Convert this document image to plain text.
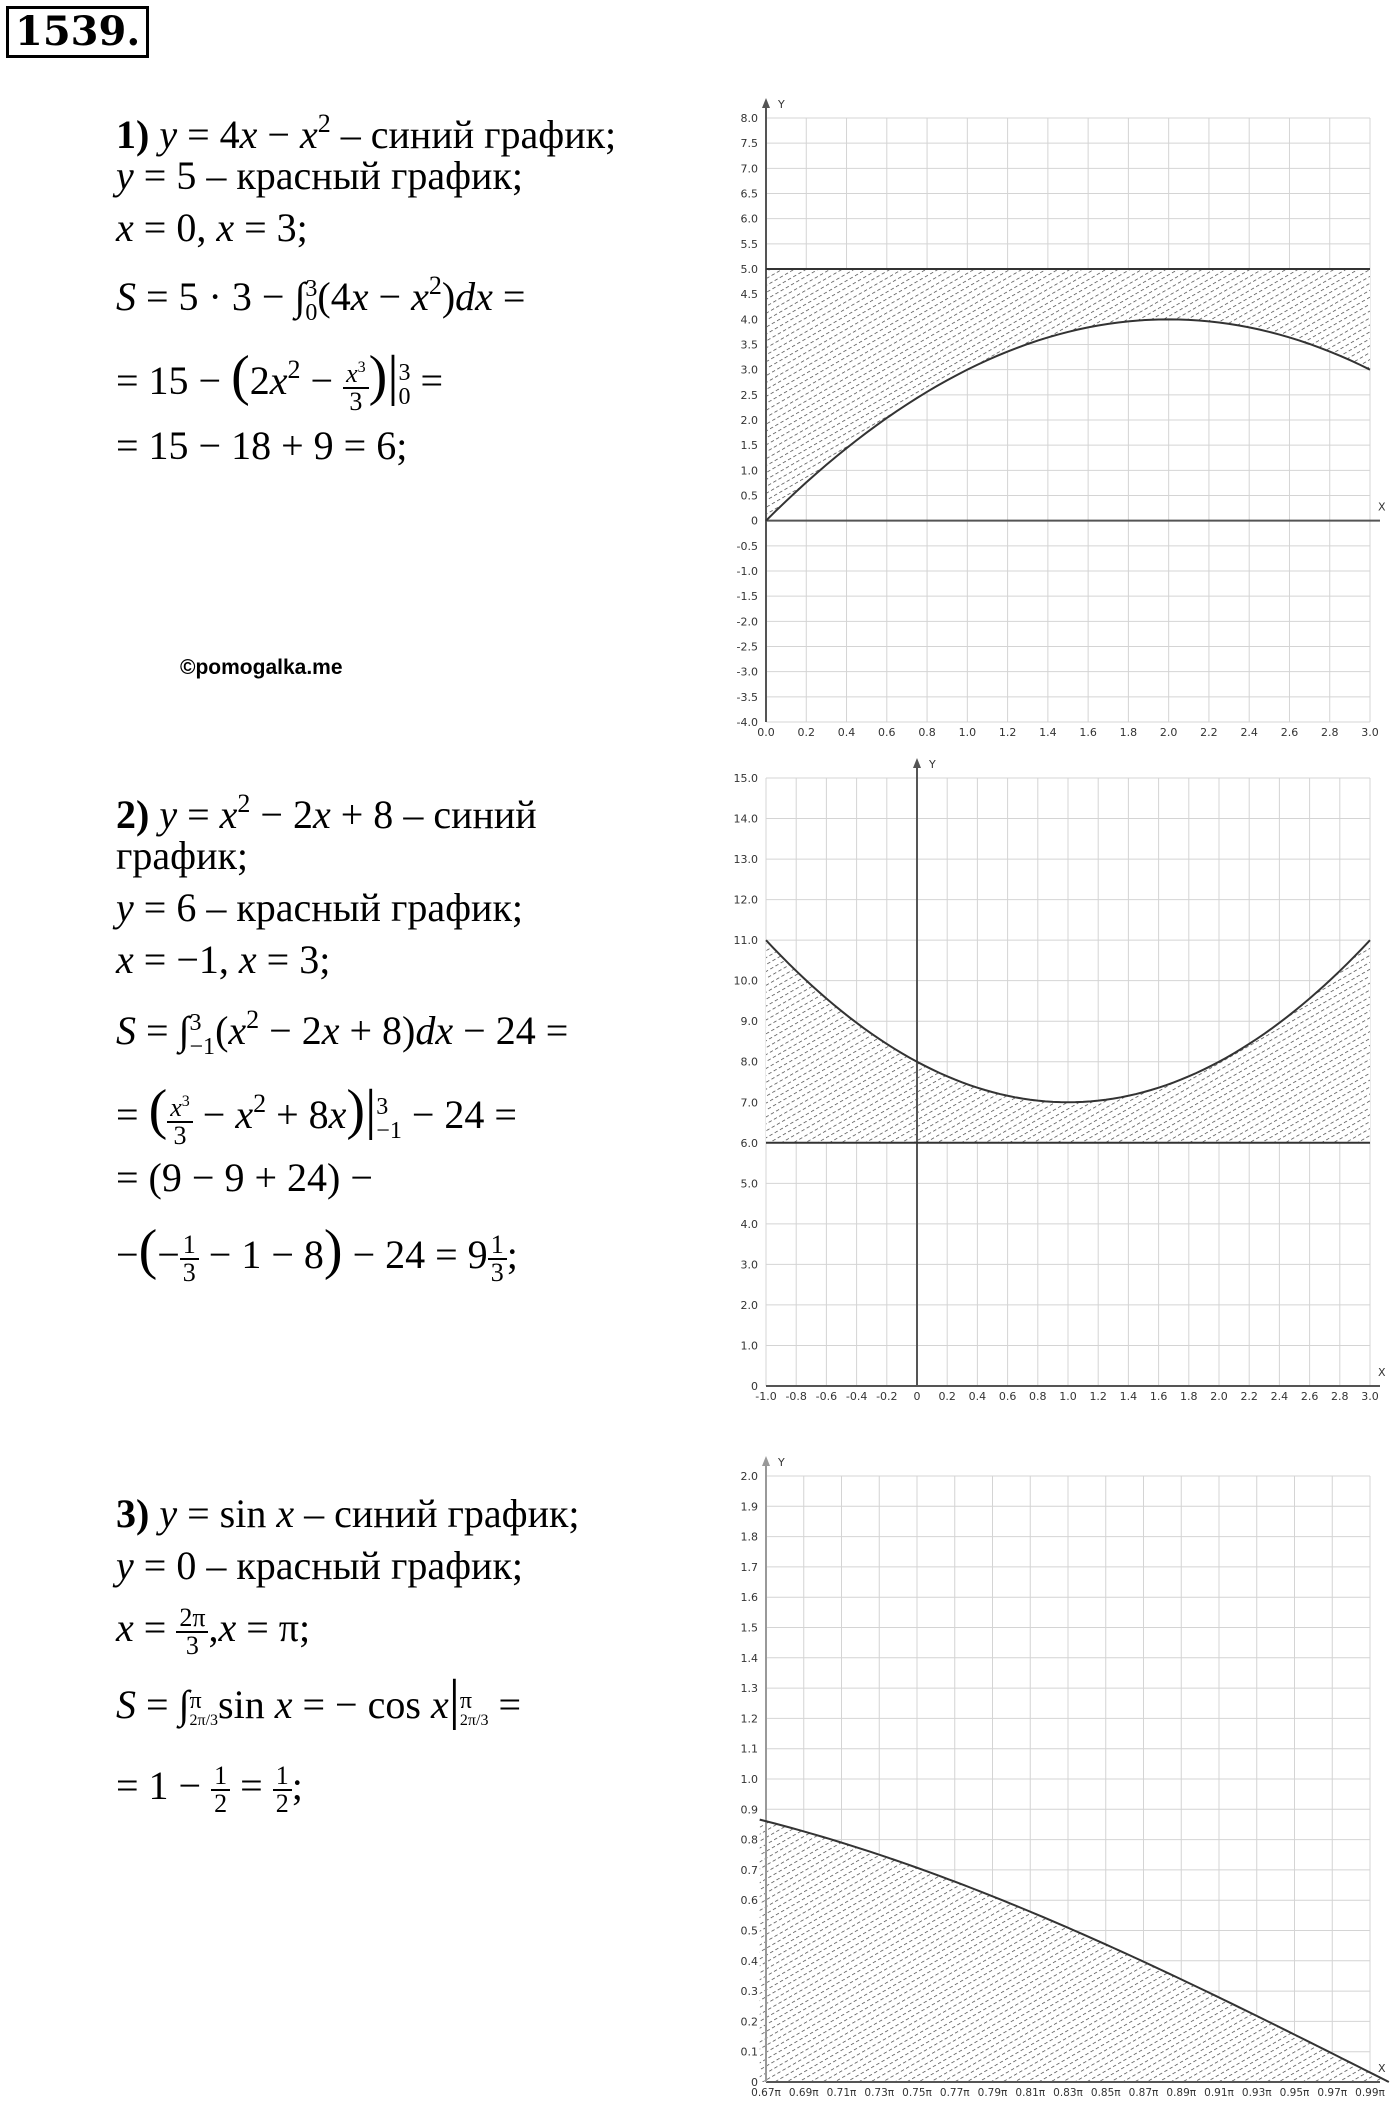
1539.
1) $y = 4x - x^2$ – синий график;
y = 5 – красный график;
x = 0, x = 3;
S = 5 · 3 − ∫ 3
0 $(4x - x^2)dx$ =
= $15 - (2x^2 - \frac{x^3}{3}$ )| 3
0 =
= 15 − 18 + 9 = 6;
©pomogalka.me
2) $y = x^2 - 2x + 8$ – синий
график;
y = 6 – красный график;
x = −1, x = 3;
S = ∫ 3
−1 $(x^2 - 2x + 8)dx - 24$ =
= ( $\frac{x^3}{3} - x^2 + 8x)|$ 3
−1 − 24 =
= (9 − 9 + 24) −
−(− $\frac{1}{3} - 1 - 8) - 24 = 9 \frac{1}{3}$ ;
3) y = sin x – синий график;
y = 0 – красный график;
$x = \frac{2\pi}{3} ,x = \pi$;
S = ∫ π
2π/3 sin x = − cos x| π
2π/3 =
= $1 - \frac{1}{2} = \frac{1}{2}$ ;
8.0
7.5
7.0
6.5
6.0
5.5
5.0
4.5
4.0
3.5
3.0
2.5
2.0
1.5
1.0
0.5
0
-0.5
-1.0
-1.5
-2.0
-2.5
-3.0
-3.5
-4.0
0.0 0.2 0.4 0.6 0.8 1.0 1.2 1.4 1.6 1.8 2.0 2.2 2.4 2.6 2.8 3.0
X
Y
15.0
14.0
13.0
12.0
11.0
10.0
9.0
8.0
7.0
6.0
5.0
4.0
3.0
2.0
1.0
0
-1.0 -0.8 -0.6 -0.4 -0.2 0 0.2 0.4 0.6 0.8 1.0 1.2 1.4 1.6 1.8 2.0 2.2 2.4 2.6 2.8 3.0
X
Y
2.0
1.9
1.8
1.7
1.6
1.5
1.4
1.3
1.2
1.1
1.0
0.9
0.8
0.7
0.6
0.5
0.4
0.3
0.2
0.1
0
0.67π 0.69π 0.71π 0.73π 0.75π 0.77π 0.79π 0.81π 0.83π 0.85π 0.87π 0.89π 0.91π 0.93π 0.95π 0.97π 0.99π
X
Y
